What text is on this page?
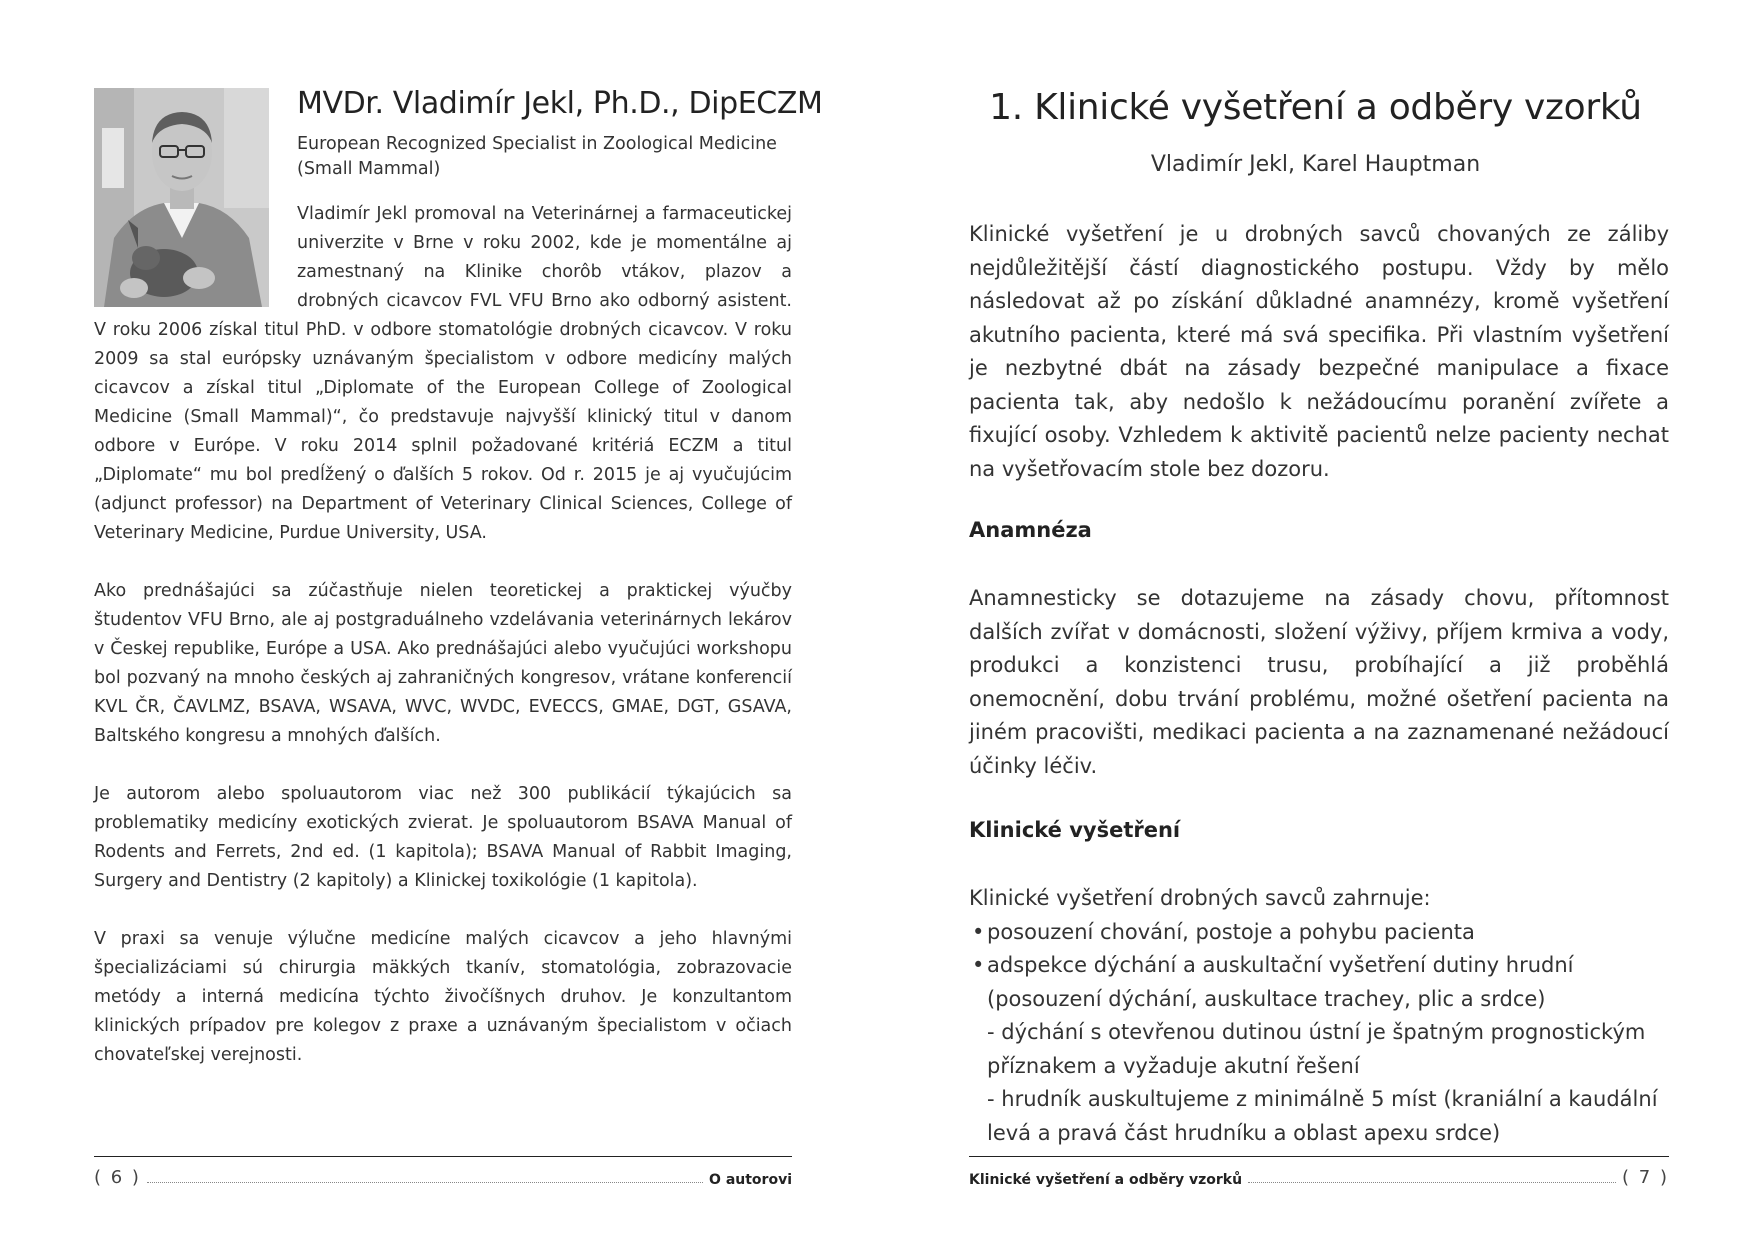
MVDr. Vladimír Jekl, Ph.D., DipECZM
European Recognized Specialist in Zoological Medicine
(Small Mammal)

Vladimír Jekl promoval na Veterinárnej a farmaceutickej univerzite v Brne v roku 2002, kde je momentálne aj zamestnaný na Klinike chorôb vtákov, plazov a drobných cicavcov FVL VFU Brno ako odborný asistent. V roku 2006 získal titul PhD. v odbore stomatológie drobných cicavcov. V roku 2009 sa stal európsky uznávaným špecialistom v odbore medicíny malých cicavcov a získal titul „Diplomate of the European College of Zoological Medicine (Small Mammal)“, čo predstavuje najvyšší klinický titul v danom odbore v Európe. V roku 2014 splnil požadované kritériá ECZM a titul „Diplomate“ mu bol predĺžený o ďalších 5 rokov. Od r. 2015 je aj vyučujúcim (adjunct professor) na Department of Veterinary Clinical Sciences, College of Veterinary Medicine, Purdue University, USA.

Ako prednášajúci sa zúčastňuje nielen teoretickej a praktickej výučby študentov VFU Brno, ale aj postgraduálneho vzdelávania veterinárnych lekárov v Českej republike, Európe a USA. Ako prednášajúci alebo vyučujúci workshopu bol pozvaný na mnoho českých aj zahraničných kongresov, vrátane konferencií KVL ČR, ČAVLMZ, BSAVA, WSAVA, WVC, WVDC, EVECCS, GMAE, DGT, GSAVA, Baltského kongresu a mnohých ďalších.

Je autorom alebo spoluautorom viac než 300 publikácií týkajúcich sa problematiky medicíny exotických zvierat. Je spoluautorom BSAVA Manual of Rodents and Ferrets, 2nd ed. (1 kapitola); BSAVA Manual of Rabbit Imaging, Surgery and Dentistry (2 kapitoly) a Klinickej toxikológie (1 kapitola).

V praxi sa venuje výlučne medicíne malých cicavcov a jeho hlavnými špecializáciami sú chirurgia mäkkých tkanív, stomatológia, zobrazovacie metódy a interná medicína týchto živočíšnych druhov. Je konzultantom klinických prípadov pre kolegov z praxe a uznávaným špecialistom v očiach chovateľskej verejnosti.

( 6 )	O autorovi
1. Klinické vyšetření a odběry vzorků
Vladimír Jekl, Karel Hauptman
Klinické vyšetření je u drobných savců chovaných ze záliby nejdůležitější částí diagnostického postupu. Vždy by mělo následovat až po získání důkladné anamnézy, kromě vyšetření akutního pacienta, které má svá specifika. Při vlastním vyšetření je nezbytné dbát na zásady bezpečné manipulace a fixace pacienta tak, aby nedošlo k nežádoucímu poranění zvířete a fixující osoby. Vzhledem k aktivitě pacientů nelze pacienty nechat na vyšetřovacím stole bez dozoru.
Anamnéza
Anamnesticky se dotazujeme na zásady chovu, přítomnost dalších zvířat v domácnosti, složení výživy, příjem krmiva a vody, produkci a konzistenci trusu, probíhající a již proběhlá onemocnění, dobu trvání problému, možné ošetření pacienta na jiném pracovišti, medikaci pacienta a na zaznamenané nežádoucí účinky léčiv.
Klinické vyšetření
Klinické vyšetření drobných savců zahrnuje:
• posouzení chování, postoje a pohybu pacienta
• adspekce dýchání a auskultační vyšetření dutiny hrudní (posouzení dýchání, auskultace trachey, plic a srdce)
- dýchání s otevřenou dutinou ústní je špatným prognostickým příznakem a vyžaduje akutní řešení
- hrudník auskultujeme z minimálně 5 míst (kraniální a kaudální levá a pravá část hrudníku a oblast apexu srdce)
Klinické vyšetření a odběry vzorků	( 7 )
